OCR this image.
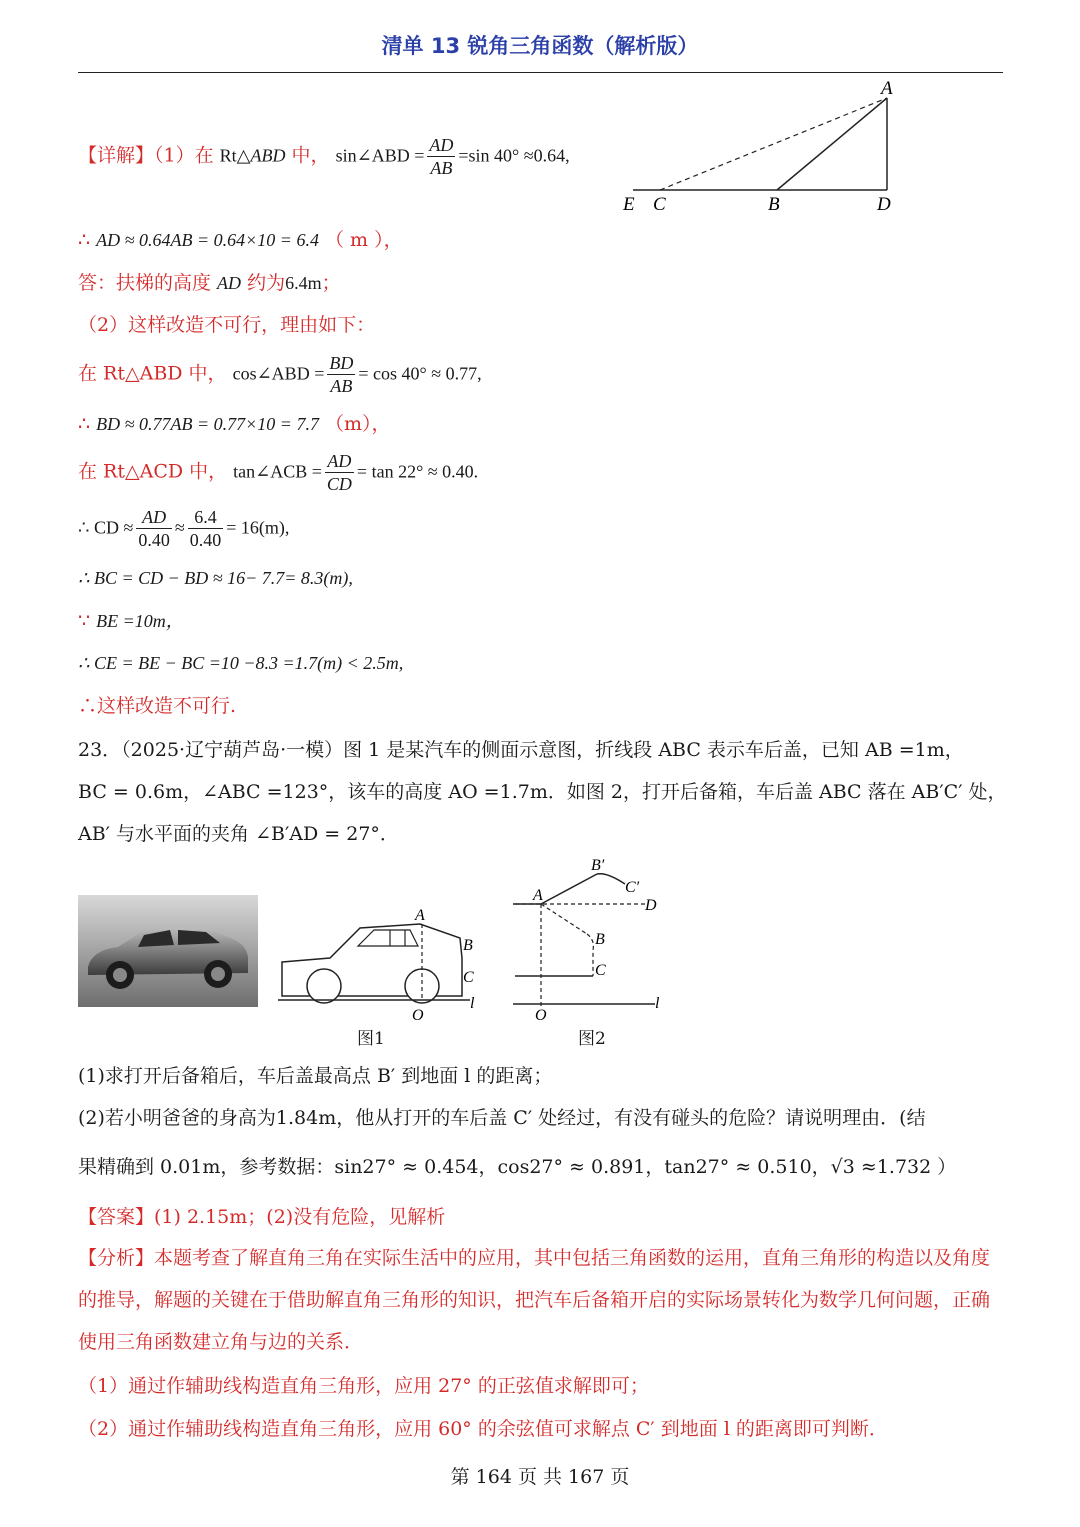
清单 13 锐角三角函数（解析版）
A
E C	B	D
【详解】（1）在 Rt△ABD 中， sin∠ABD = $\frac{AD}{AB} =\sin$ 40° ≈0.64,
∴ AD ≈ 0.64AB = 0.64×10 = 6.4 （ m ），
答：扶梯的高度 AD 约为6.4m；
（2）这样改造不可行，理由如下：
在 Rt△ABD 中， cos∠ABD = $\frac{BD}{AB} = \cos 40^\circ \approx 0.77$,
∴ BD ≈ 0.77AB = 0.77×10 = 7.7 （m），
在 Rt△ACD 中， tan∠ACB = $\frac{AD}{CD} = \tan 22^\circ \approx 0.40$.
∴ CD ≈ $\frac{AD}{0.40} \approx \frac{6.4}{0.40} = 16(m)$,
∴ BC = CD − BD ≈ 16− 7.7= 8.3(m),
∵ BE =10m，
∴ CE = BE − BC =10 −8.3 =1.7(m) < 2.5m,
∴这样改造不可行.
23．（2025·辽宁葫芦岛·一模）图 1 是某汽车的侧面示意图，折线段 ABC 表示车后盖，已知 AB =1m，
BC = 0.6m，∠ABC =123°，该车的高度 AO =1.7m．如图 2，打开后备箱，车后盖 ABC 落在 AB′C′ 处，
AB′ 与水平面的夹角 ∠B′AD = 27°．
A
B
C
O
l
图1
B′
C′
A
D
B
C
O
l
图2
(1)求打开后备箱后，车后盖最高点 B′ 到地面 l 的距离；
(2)若小明爸爸的身高为1.84m，他从打开的车后盖 C′ 处经过，有没有碰头的危险？请说明理由．(结
果精确到 0.01m，参考数据：sin27° ≈ 0.454，cos27° ≈ 0.891，tan27° ≈ 0.510，√3 ≈1.732 ）
【答案】(1) 2.15m；(2)没有危险，见解析
【分析】本题考查了解直角三角在实际生活中的应用，其中包括三角函数的运用，直角三角形的构造以及角度的推导，解题的关键在于借助解直角三角形的知识，把汽车后备箱开启的实际场景转化为数学几何问题，正确使用三角函数建立角与边的关系．
（1）通过作辅助线构造直角三角形，应用 27° 的正弦值求解即可；
（2）通过作辅助线构造直角三角形，应用 60° 的余弦值可求解点 C′ 到地面 l 的距离即可判断．
第 164 页 共 167 页
